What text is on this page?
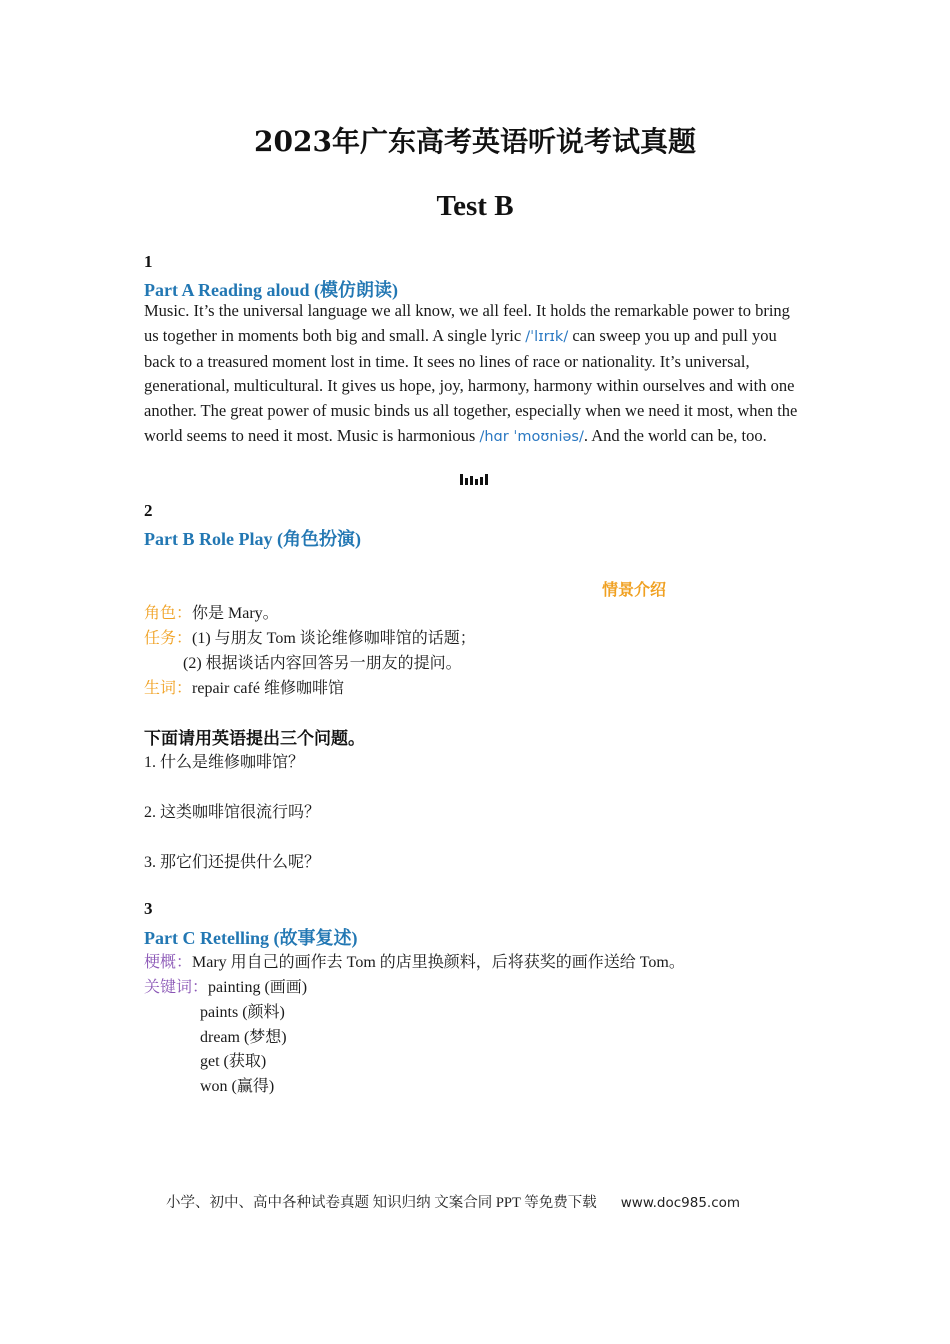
2023年广东高考英语听说考试真题
Test B
1
Part A Reading aloud (模仿朗读)
Music. It’s the universal language we all know, we all feel. It holds the remarkable power to bring us together in moments both big and small. A single lyric /ˈlɪrɪk/ can sweep you up and pull you back to a treasured moment lost in time. It sees no lines of race or nationality. It’s universal, generational, multicultural. It gives us hope, joy, harmony, harmony within ourselves and with one another. The great power of music binds us all together, especially when we need it most, when the world seems to need it most. Music is harmonious /hɑr ˈmoʊniəs/. And the world can be, too.
2
Part B Role Play (角色扮演)
情景介绍
角色：你是 Mary。
任务：(1) 与朋友 Tom 谈论维修咖啡馆的话题；
(2) 根据谈话内容回答另一朋友的提问。
生词：repair café 维修咖啡馆
下面请用英语提出三个问题。
1. 什么是维修咖啡馆？
2. 这类咖啡馆很流行吗？
3. 那它们还提供什么呢？
3
Part C Retelling (故事复述)
梗概：Mary 用自己的画作去 Tom 的店里换颜料，后将获奖的画作送给 Tom。
关键词：painting (画画)
paints (颜料)
dream (梦想)
get (获取)
won (赢得)
小学、初中、高中各种试卷真题 知识归纳 文案合同 PPT 等免费下载 www.doc985.com
